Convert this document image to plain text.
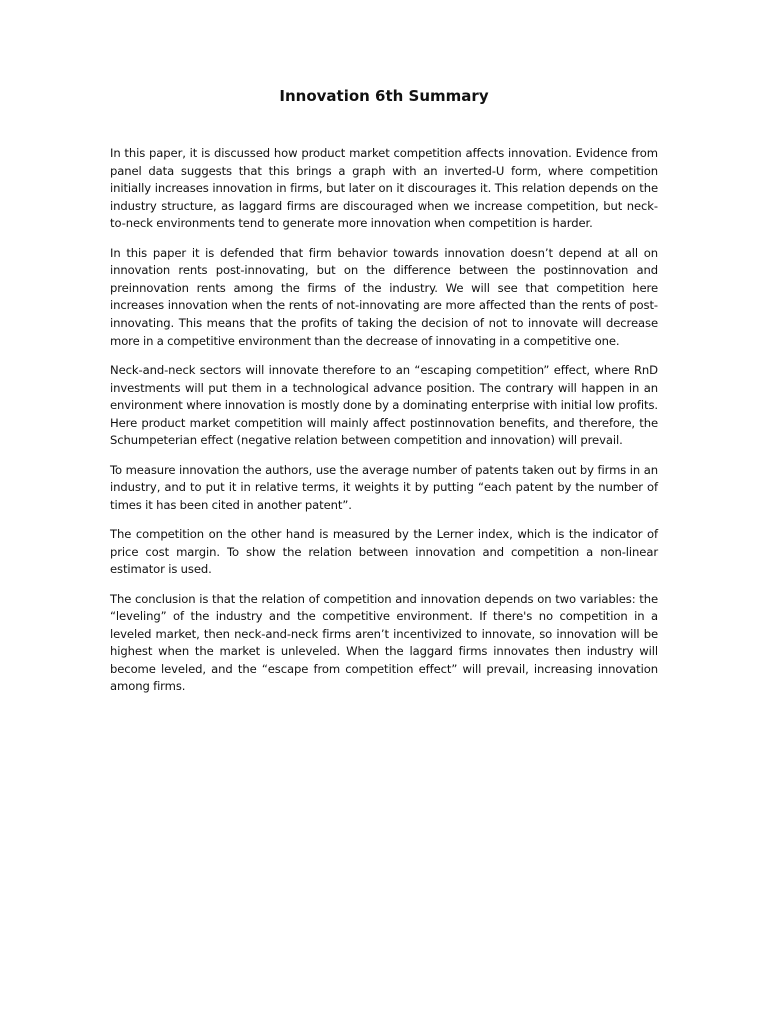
Innovation 6th Summary

In this paper, it is discussed how product market competition affects innovation. Evidence from panel data suggests that this brings a graph with an inverted-U form, where competition initially increases innovation in firms, but later on it discourages it. This relation depends on the industry structure, as laggard firms are discouraged when we increase competition, but neck-to-neck environments tend to generate more innovation when competition is harder.

In this paper it is defended that firm behavior towards innovation doesn’t depend at all on innovation rents post-innovating, but on the difference between the postinnovation and preinnovation rents among the firms of the industry. We will see that competition here increases innovation when the rents of not-innovating are more affected than the rents of post-innovating. This means that the profits of taking the decision of not to innovate will decrease more in a competitive environment than the decrease of innovating in a competitive one.

Neck-and-neck sectors will innovate therefore to an “escaping competition” effect, where RnD investments will put them in a technological advance position. The contrary will happen in an environment where innovation is mostly done by a dominating enterprise with initial low profits. Here product market competition will mainly affect postinnovation benefits, and therefore, the Schumpeterian effect (negative relation between competition and innovation) will prevail.

To measure innovation the authors, use the average number of patents taken out by firms in an industry, and to put it in relative terms, it weights it by putting “each patent by the number of times it has been cited in another patent”.

The competition on the other hand is measured by the Lerner index, which is the indicator of price cost margin. To show the relation between innovation and competition a non-linear estimator is used.

The conclusion is that the relation of competition and innovation depends on two variables: the “leveling” of the industry and the competitive environment. If there's no competition in a leveled market, then neck-and-neck firms aren’t incentivized to innovate, so innovation will be highest when the market is unleveled. When the laggard firms innovates then industry will become leveled, and the “escape from competition effect” will prevail, increasing innovation among firms.
